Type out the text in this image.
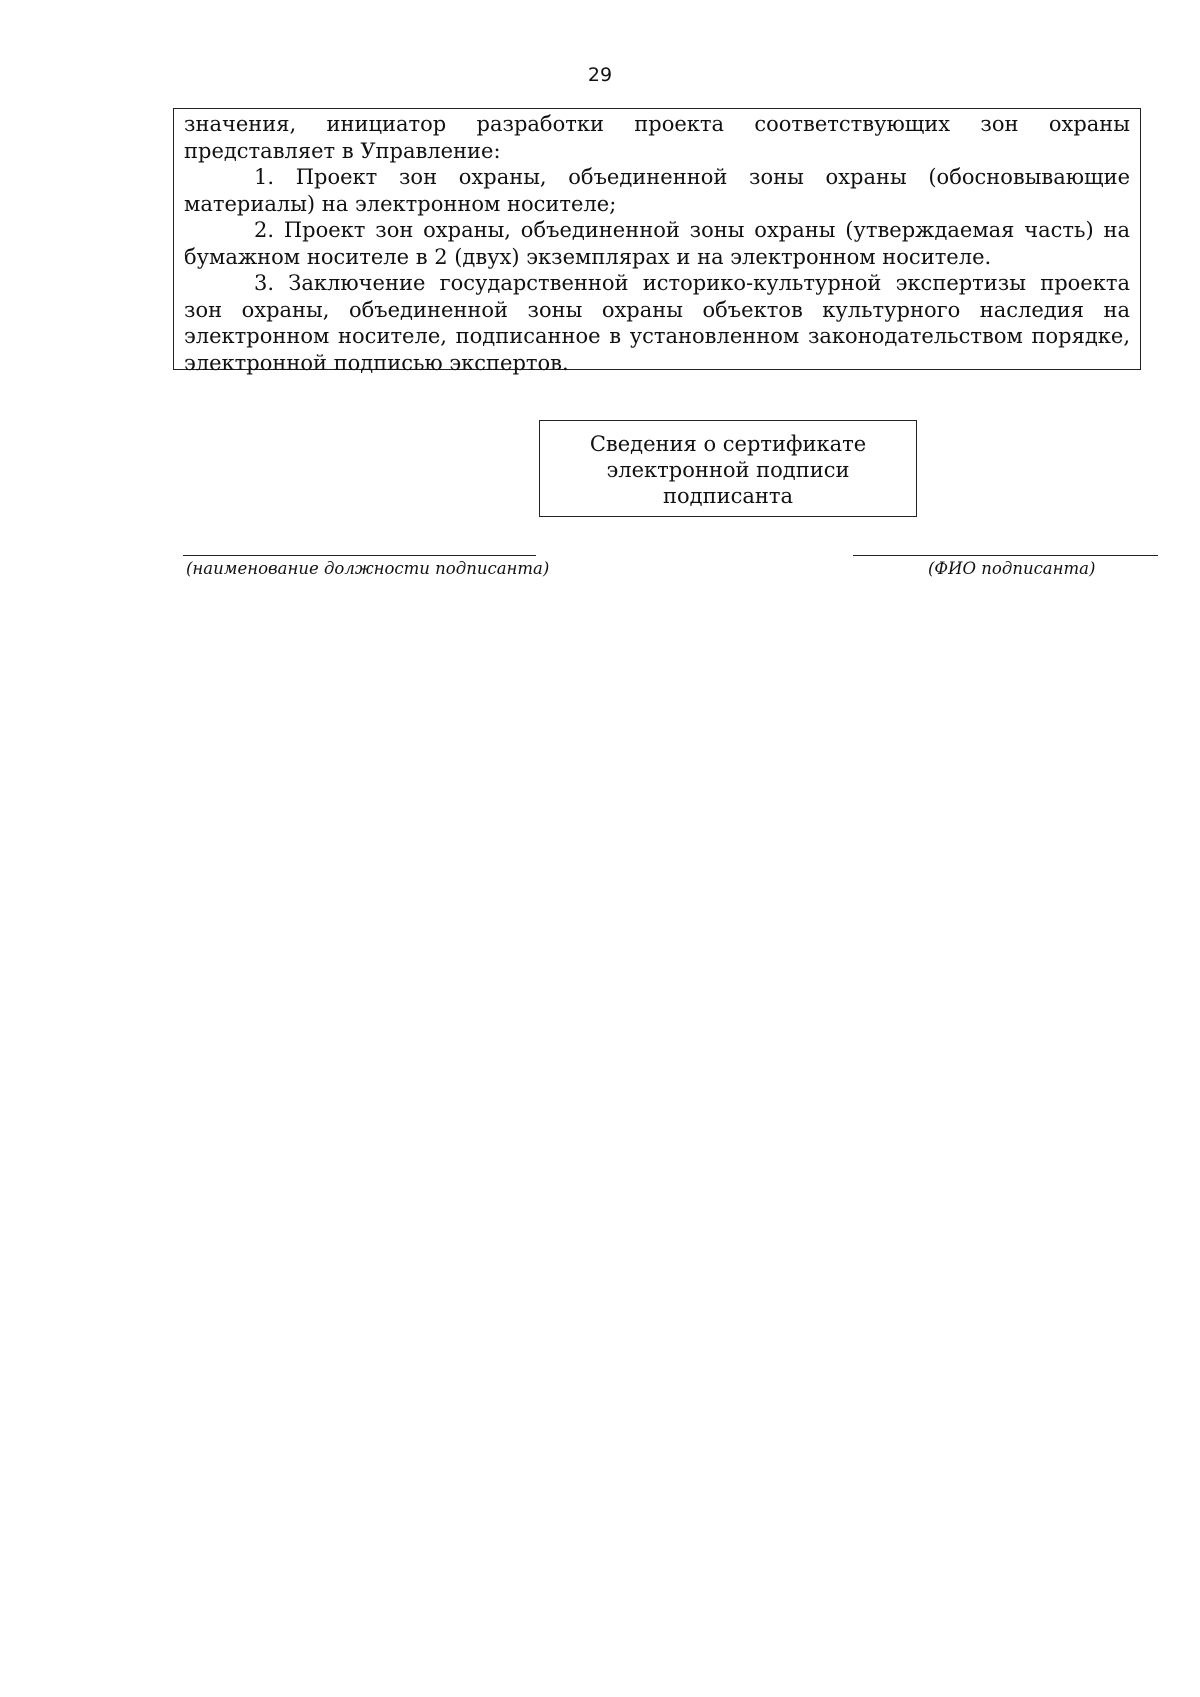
29

значения, инициатор разработки проекта соответствующих зон охраны представляет в Управление:

1. Проект зон охраны, объединенной зоны охраны (обосновывающие материалы) на электронном носителе;

2. Проект зон охраны, объединенной зоны охраны (утверждаемая часть) на бумажном носителе в 2 (двух) экземплярах и на электронном носителе.

3. Заключение государственной историко-культурной экспертизы проекта зон охраны, объединенной зоны охраны объектов культурного наследия на электронном носителе, подписанное в установленном законодательством порядке, электронной подписью экспертов.

Сведения о сертификате
электронной подписи
подписанта
(наименование должности подписанта)	(ФИО подписанта)
